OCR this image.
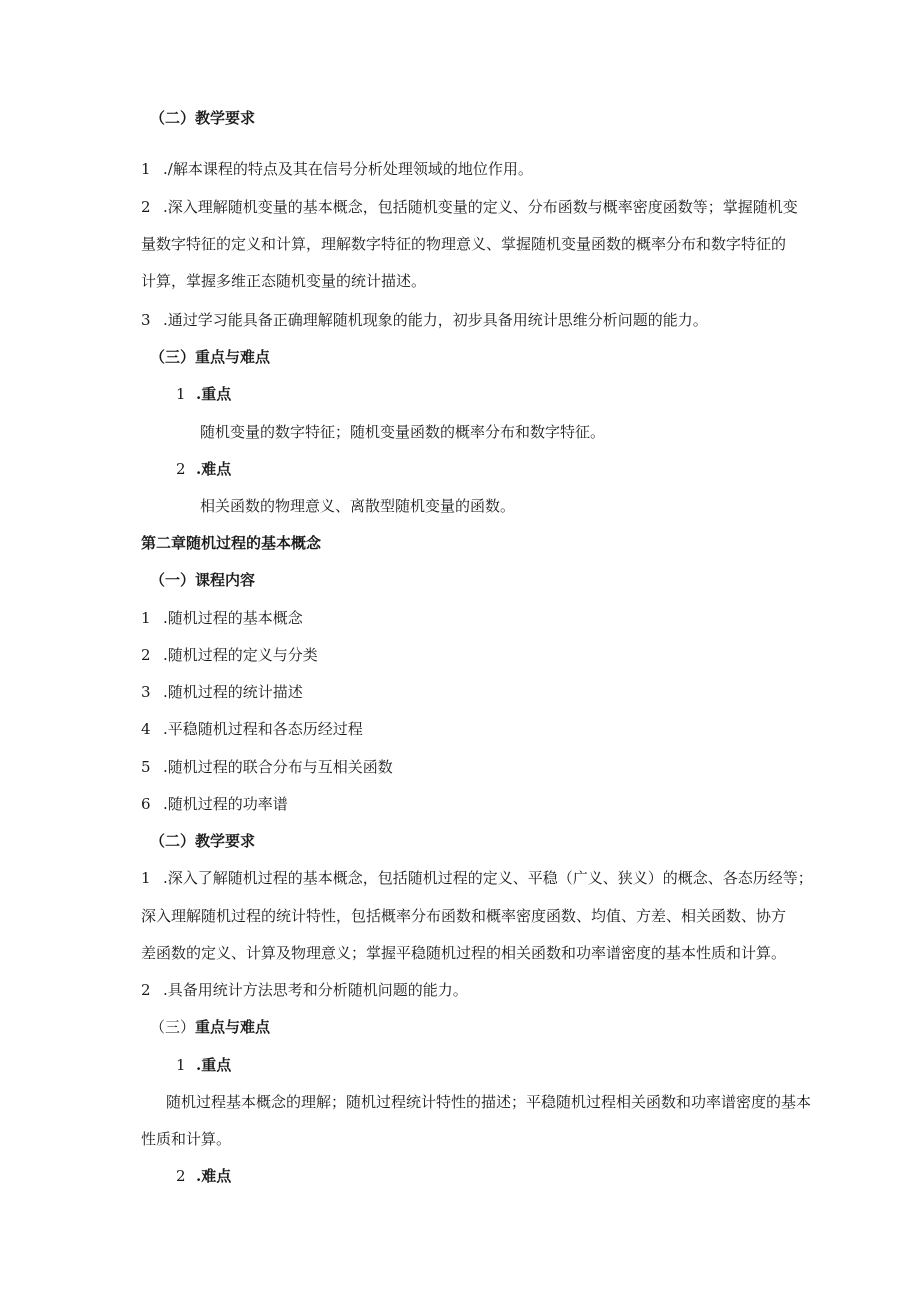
（二）教学要求
1 ./解本课程的特点及其在信号分析处理领域的地位作用。
2 .深入理解随机变量的基本概念，包括随机变量的定义、分布函数与概率密度函数等；掌握随机变
量数字特征的定义和计算，理解数字特征的物理意义、掌握随机变量函数的概率分布和数字特征的
计算，掌握多维正态随机变量的统计描述。
3 .通过学习能具备正确理解随机现象的能力，初步具备用统计思维分析问题的能力。
（三）重点与难点
1 .重点
随机变量的数字特征；随机变量函数的概率分布和数字特征。
2 .难点
相关函数的物理意义、离散型随机变量的函数。
第二章随机过程的基本概念
（一）课程内容
1 .随机过程的基本概念
2 .随机过程的定义与分类
3 .随机过程的统计描述
4 .平稳随机过程和各态历经过程
5 .随机过程的联合分布与互相关函数
6 .随机过程的功率谱
（二）教学要求
1 .深入了解随机过程的基本概念，包括随机过程的定义、平稳（广义、狭义）的概念、各态历经等；
深入理解随机过程的统计特性，包括概率分布函数和概率密度函数、均值、方差、相关函数、协方
差函数的定义、计算及物理意义；掌握平稳随机过程的相关函数和功率谱密度的基本性质和计算。
2 .具备用统计方法思考和分析随机问题的能力。
（三）重点与难点
1 .重点
随机过程基本概念的理解；随机过程统计特性的描述；平稳随机过程相关函数和功率谱密度的基本
性质和计算。
2 .难点
